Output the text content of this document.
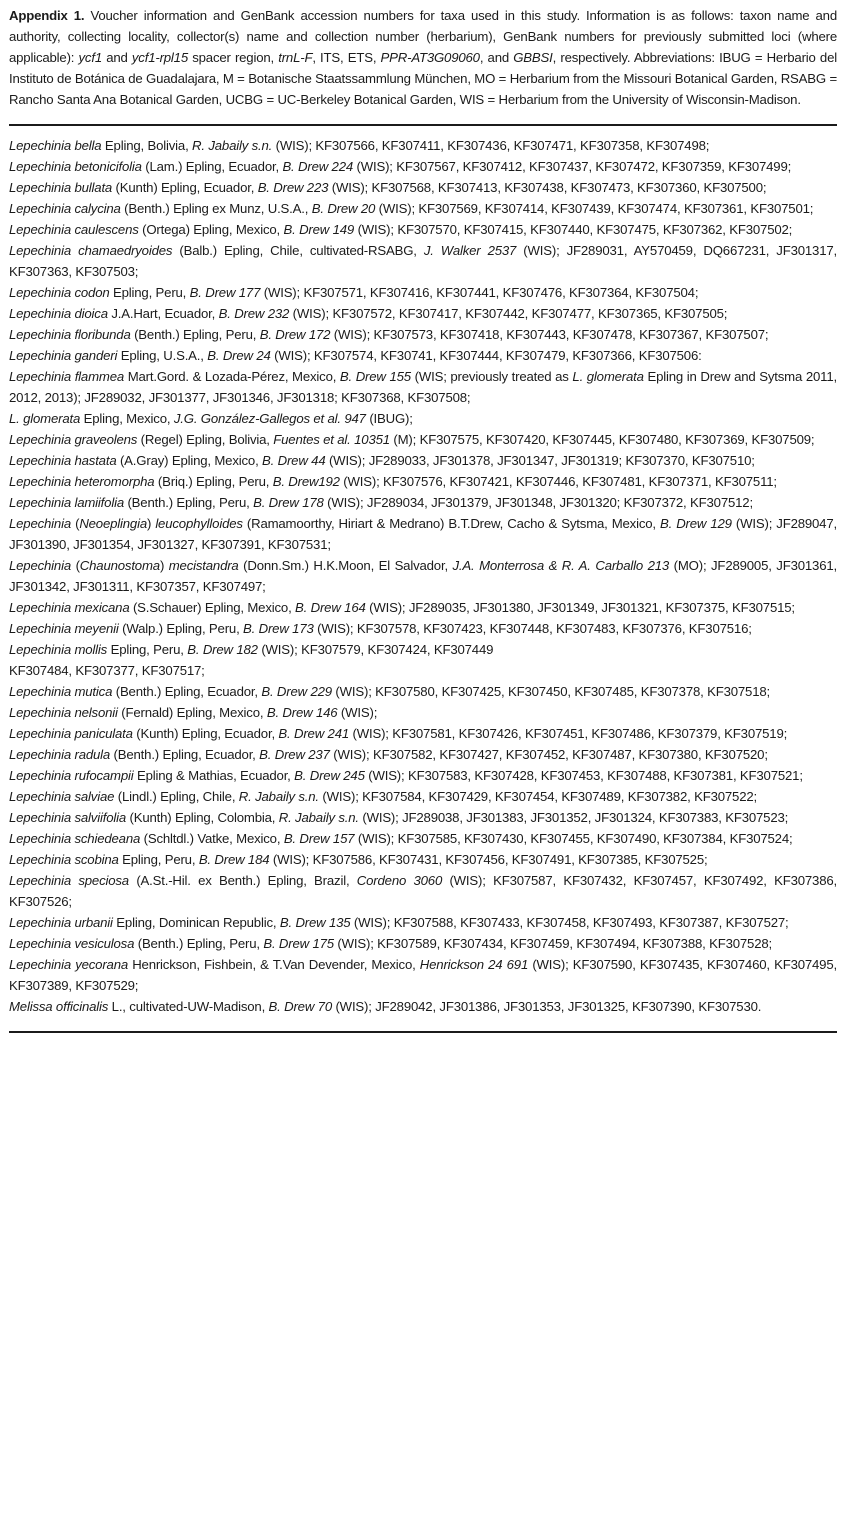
Appendix 1. Voucher information and GenBank accession numbers for taxa used in this study. Information is as follows: taxon name and authority, collecting locality, collector(s) name and collection number (herbarium), GenBank numbers for previously submitted loci (where applicable): ycf1 and ycf1-rpl15 spacer region, trnL-F, ITS, ETS, PPR-AT3G09060, and GBBSI, respectively. Abbreviations: IBUG = Herbario del Instituto de Botánica de Guadalajara, M = Botanische Staatssammlung München, MO = Herbarium from the Missouri Botanical Garden, RSABG = Rancho Santa Ana Botanical Garden, UCBG = UC-Berkeley Botanical Garden, WIS = Herbarium from the University of Wisconsin-Madison.

Lepechinia bella Epling, Bolivia, R. Jabaily s.n. (WIS); KF307566, KF307411, KF307436, KF307471, KF307358, KF307498;

Lepechinia betonicifolia (Lam.) Epling, Ecuador, B. Drew 224 (WIS); KF307567, KF307412, KF307437, KF307472, KF307359, KF307499;

Lepechinia bullata (Kunth) Epling, Ecuador, B. Drew 223 (WIS); KF307568, KF307413, KF307438, KF307473, KF307360, KF307500;

Lepechinia calycina (Benth.) Epling ex Munz, U.S.A., B. Drew 20 (WIS); KF307569, KF307414, KF307439, KF307474, KF307361, KF307501;

Lepechinia caulescens (Ortega) Epling, Mexico, B. Drew 149 (WIS); KF307570, KF307415, KF307440, KF307475, KF307362, KF307502;

Lepechinia chamaedryoides (Balb.) Epling, Chile, cultivated-RSABG, J. Walker 2537 (WIS); JF289031, AY570459, DQ667231, JF301317, KF307363, KF307503;

Lepechinia codon Epling, Peru, B. Drew 177 (WIS); KF307571, KF307416, KF307441, KF307476, KF307364, KF307504;

Lepechinia dioica J.A.Hart, Ecuador, B. Drew 232 (WIS); KF307572, KF307417, KF307442, KF307477, KF307365, KF307505;

Lepechinia floribunda (Benth.) Epling, Peru, B. Drew 172 (WIS); KF307573, KF307418, KF307443, KF307478, KF307367, KF307507;

Lepechinia ganderi Epling, U.S.A., B. Drew 24 (WIS); KF307574, KF30741, KF307444, KF307479, KF307366, KF307506:

Lepechinia flammea Mart.Gord. & Lozada-Pérez, Mexico, B. Drew 155 (WIS; previously treated as L. glomerata Epling in Drew and Sytsma 2011, 2012, 2013); JF289032, JF301377, JF301346, JF301318; KF307368, KF307508;

L. glomerata Epling, Mexico, J.G. González-Gallegos et al. 947 (IBUG);

Lepechinia graveolens (Regel) Epling, Bolivia, Fuentes et al. 10351 (M); KF307575, KF307420, KF307445, KF307480, KF307369, KF307509;

Lepechinia hastata (A.Gray) Epling, Mexico, B. Drew 44 (WIS); JF289033, JF301378, JF301347, JF301319; KF307370, KF307510;

Lepechinia heteromorpha (Briq.) Epling, Peru, B. Drew192 (WIS); KF307576, KF307421, KF307446, KF307481, KF307371, KF307511;

Lepechinia lamiifolia (Benth.) Epling, Peru, B. Drew 178 (WIS); JF289034, JF301379, JF301348, JF301320; KF307372, KF307512;

Lepechinia (Neoeplingia) leucophylloides (Ramamoorthy, Hiriart & Medrano) B.T.Drew, Cacho & Sytsma, Mexico, B. Drew 129 (WIS); JF289047, JF301390, JF301354, JF301327, KF307391, KF307531;

Lepechinia (Chaunostoma) mecistandra (Donn.Sm.) H.K.Moon, El Salvador, J.A. Monterrosa & R. A. Carballo 213 (MO); JF289005, JF301361, JF301342, JF301311, KF307357, KF307497;

Lepechinia mexicana (S.Schauer) Epling, Mexico, B. Drew 164 (WIS); JF289035, JF301380, JF301349, JF301321, KF307375, KF307515;

Lepechinia meyenii (Walp.) Epling, Peru, B. Drew 173 (WIS); KF307578, KF307423, KF307448, KF307483, KF307376, KF307516;

Lepechinia mollis Epling, Peru, B. Drew 182 (WIS); KF307579, KF307424, KF307449
KF307484, KF307377, KF307517;

Lepechinia mutica (Benth.) Epling, Ecuador, B. Drew 229 (WIS); KF307580, KF307425, KF307450, KF307485, KF307378, KF307518;

Lepechinia nelsonii (Fernald) Epling, Mexico, B. Drew 146 (WIS);

Lepechinia paniculata (Kunth) Epling, Ecuador, B. Drew 241 (WIS); KF307581, KF307426, KF307451, KF307486, KF307379, KF307519;

Lepechinia radula (Benth.) Epling, Ecuador, B. Drew 237 (WIS); KF307582, KF307427, KF307452, KF307487, KF307380, KF307520;

Lepechinia rufocampii Epling & Mathias, Ecuador, B. Drew 245 (WIS); KF307583, KF307428, KF307453, KF307488, KF307381, KF307521;

Lepechinia salviae (Lindl.) Epling, Chile, R. Jabaily s.n. (WIS); KF307584, KF307429, KF307454, KF307489, KF307382, KF307522;

Lepechinia salviifolia (Kunth) Epling, Colombia, R. Jabaily s.n. (WIS); JF289038, JF301383, JF301352, JF301324, KF307383, KF307523;

Lepechinia schiedeana (Schltdl.) Vatke, Mexico, B. Drew 157 (WIS); KF307585, KF307430, KF307455, KF307490, KF307384, KF307524;

Lepechinia scobina Epling, Peru, B. Drew 184 (WIS); KF307586, KF307431, KF307456, KF307491, KF307385, KF307525;

Lepechinia speciosa (A.St.-Hil. ex Benth.) Epling, Brazil, Cordeno 3060 (WIS); KF307587, KF307432, KF307457, KF307492, KF307386, KF307526;

Lepechinia urbanii Epling, Dominican Republic, B. Drew 135 (WIS); KF307588, KF307433, KF307458, KF307493, KF307387, KF307527;

Lepechinia vesiculosa (Benth.) Epling, Peru, B. Drew 175 (WIS); KF307589, KF307434, KF307459, KF307494, KF307388, KF307528;

Lepechinia yecorana Henrickson, Fishbein, & T.Van Devender, Mexico, Henrickson 24 691 (WIS); KF307590, KF307435, KF307460, KF307495, KF307389, KF307529;

Melissa officinalis L., cultivated-UW-Madison, B. Drew 70 (WIS); JF289042, JF301386, JF301353, JF301325, KF307390, KF307530.
